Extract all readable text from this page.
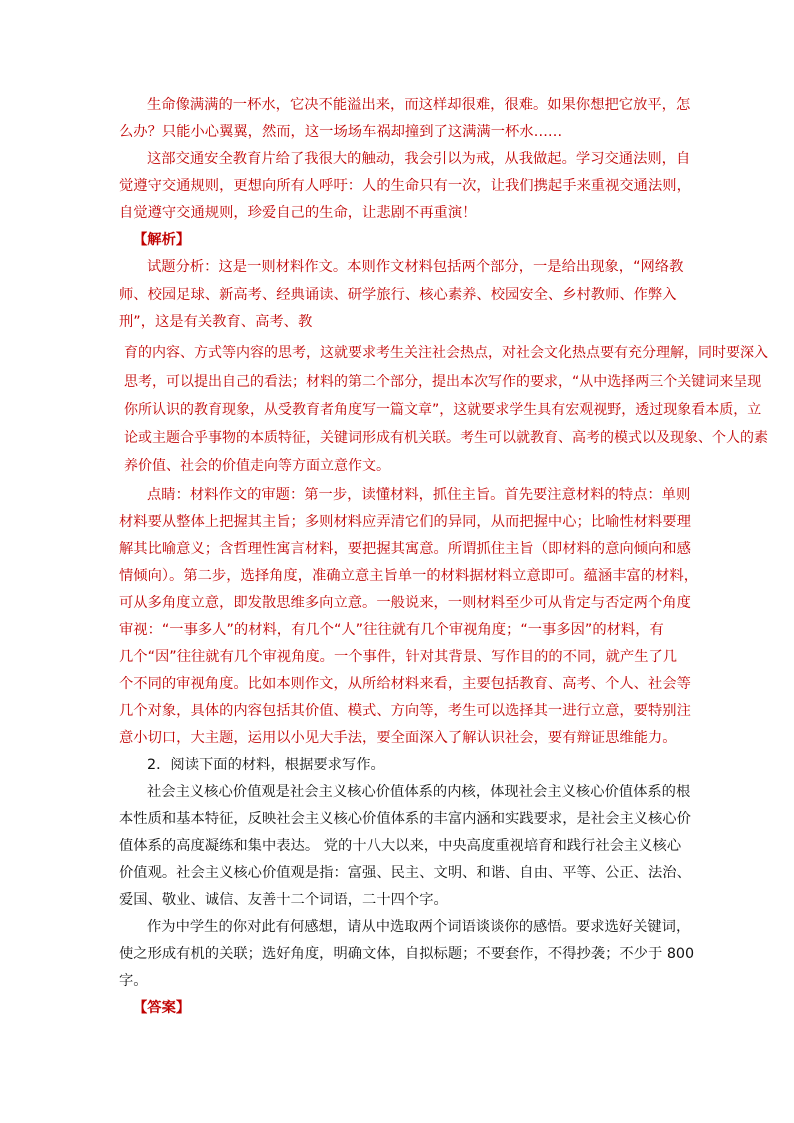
生命像满满的一杯水，它决不能溢出来，而这样却很难，很难。如果你想把它放平，怎
么办？只能小心翼翼，然而，这一场场车祸却撞到了这满满一杯水……
这部交通安全教育片给了我很大的触动，我会引以为戒，从我做起。学习交通法则，自
觉遵守交通规则，更想向所有人呼吁：人的生命只有一次，让我们携起手来重视交通法则，
自觉遵守交通规则，珍爱自己的生命，让悲剧不再重演！
【解析】
试题分析：这是一则材料作文。本则作文材料包括两个部分，一是给出现象，“网络教
师、校园足球、新高考、经典诵读、研学旅行、核心素养、校园安全、乡村教师、作弊入
刑”，这是有关教育、高考、教
育的内容、方式等内容的思考，这就要求考生关注社会热点，对社会文化热点要有充分理解，同时要深入
思考，可以提出自己的看法；材料的第二个部分，提出本次写作的要求，“从中选择两三个关键词来呈现
你所认识的教育现象，从受教育者角度写一篇文章”，这就要求学生具有宏观视野，透过现象看本质，立
论或主题合乎事物的本质特征，关键词形成有机关联。考生可以就教育、高考的模式以及现象、个人的素
养价值、社会的价值走向等方面立意作文。
点睛：材料作文的审题：第一步，读懂材料，抓住主旨。首先要注意材料的特点：单则
材料要从整体上把握其主旨；多则材料应弄清它们的异同，从而把握中心；比喻性材料要理
解其比喻意义；含哲理性寓言材料，要把握其寓意。所谓抓住主旨（即材料的意向倾向和感
情倾向）。第二步，选择角度，准确立意主旨单一的材料据材料立意即可。蕴涵丰富的材料，
可从多角度立意，即发散思维多向立意。一般说来，一则材料至少可从肯定与否定两个角度
审视：“一事多人”的材料，有几个“人”往往就有几个审视角度；“一事多因”的材料，有
几个“因”往往就有几个审视角度。一个事件，针对其背景、写作目的的不同，就产生了几
个不同的审视角度。比如本则作文，从所给材料来看，主要包括教育、高考、个人、社会等
几个对象，具体的内容包括其价值、模式、方向等，考生可以选择其一进行立意，要特别注
意小切口，大主题，运用以小见大手法，要全面深入了解认识社会，要有辩证思维能力。
2．阅读下面的材料，根据要求写作。
社会主义核心价值观是社会主义核心价值体系的内核，体现社会主义核心价值体系的根
本性质和基本特征，反映社会主义核心价值体系的丰富内涵和实践要求，是社会主义核心价
值体系的高度凝练和集中表达。 党的十八大以来，中央高度重视培育和践行社会主义核心
价值观。社会主义核心价值观是指：富强、民主、文明、和谐、自由、平等、公正、法治、
爱国、敬业、诚信、友善十二个词语，二十四个字。
作为中学生的你对此有何感想，请从中选取两个词语谈谈你的感悟。要求选好关键词，
使之形成有机的关联；选好角度，明确文体，自拟标题；不要套作，不得抄袭；不少于 800
字。
【答案】
